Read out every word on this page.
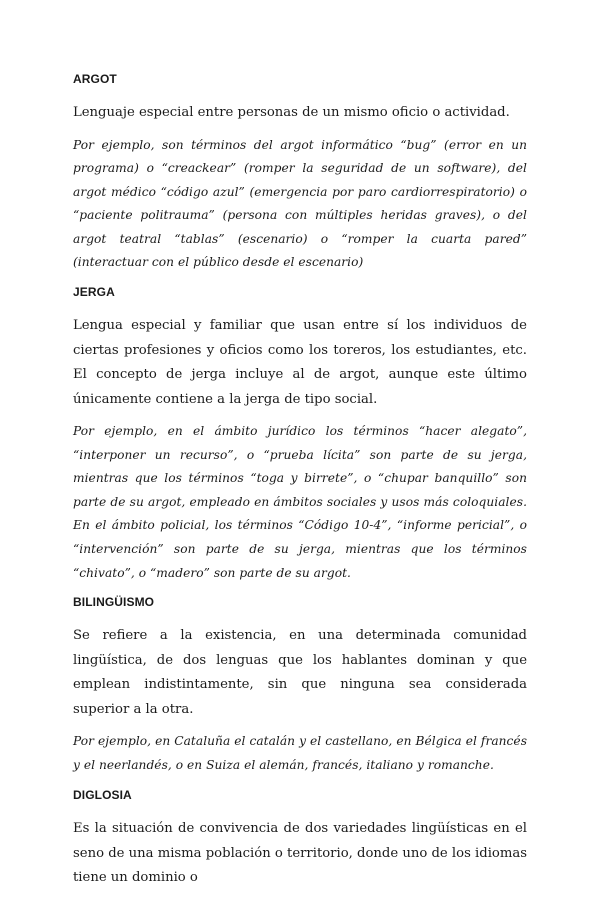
ARGOT

Lenguaje especial entre personas de un mismo oficio o actividad.

Por ejemplo, son términos del argot informático “bug” (error en un programa) o “creackear” (romper la seguridad de un software), del argot médico “código azul” (emergencia por paro cardiorrespiratorio) o “paciente politrauma” (persona con múltiples heridas graves), o del argot teatral “tablas” (escenario) o “romper la cuarta pared” (interactuar con el público desde el escenario)

JERGA

Lengua especial y familiar que usan entre sí los individuos de ciertas profesiones y oficios como los toreros, los estudiantes, etc. El concepto de jerga incluye al de argot, aunque este último únicamente contiene a la jerga de tipo social.

Por ejemplo, en el ámbito jurídico los términos “hacer alegato”, “interponer un recurso”, o “prueba lícita” son parte de su jerga, mientras que los términos “toga y birrete”, o “chupar banquillo” son parte de su argot, empleado en ámbitos sociales y usos más coloquiales. En el ámbito policial, los términos “Código 10-4”, “informe pericial”, o “intervención” son parte de su jerga, mientras que los términos “chivato”, o “madero” son parte de su argot.

BILINGÜISMO

Se refiere a la existencia, en una determinada comunidad lingüística, de dos lenguas que los hablantes dominan y que emplean indistintamente, sin que ninguna sea considerada superior a la otra.

Por ejemplo, en Cataluña el catalán y el castellano, en Bélgica el francés y el neerlandés, o en Suiza el alemán, francés, italiano y romanche.

DIGLOSIA

Es la situación de convivencia de dos variedades lingüísticas en el seno de una misma población o territorio, donde uno de los idiomas tiene un dominio o
